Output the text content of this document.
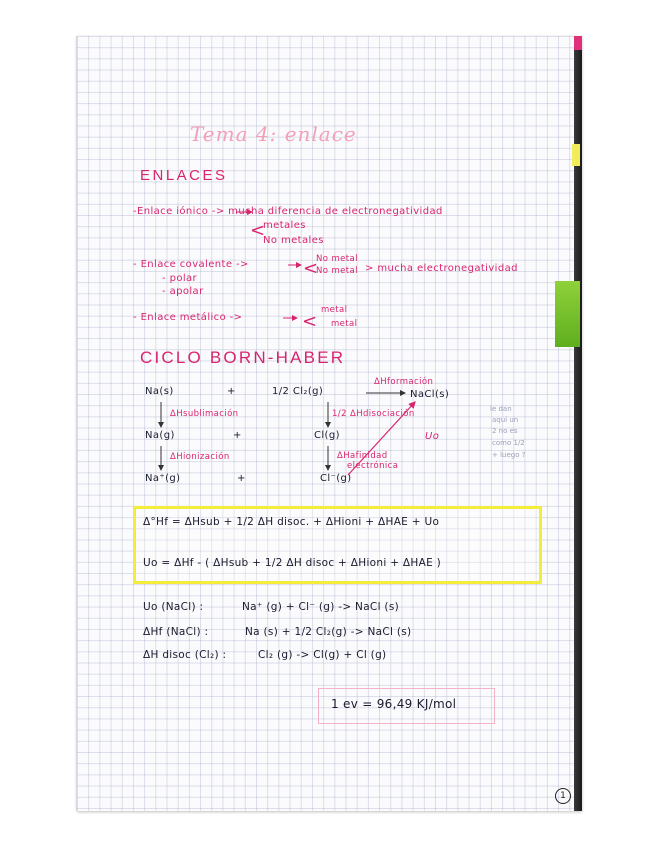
Tema 4: enlace
ENLACES
-Enlace iónico -> mucha diferencia de electronegatividad
metales
No metales
<
- Enlace covalente ->	<
No metal
No metal > mucha electronegatividad
- polar
- apolar
- Enlace metálico ->	<
metal
metal
CICLO BORN-HABER
Na(s)	+	1/2 Cl₂(g)
ΔHformación
NaCl(s)
ΔHsublimación	1/2 ΔHdisociación
Na(g)	+	Cl(g)	Uo
ΔHionización	ΔHafinidad
electrónica
Na⁺(g)	+	Cl⁻(g)
le dan
aquí un
2 no es
como 1/2
+ luego ?
Δ°Hf = ΔHsub + 1/2 ΔH disoc. + ΔHioni + ΔHAE + Uo
Uo = ΔHf - ( ΔHsub + 1/2 ΔH disoc + ΔHioni + ΔHAE )
Uo (NaCl) :	Na⁺ (g) + Cl⁻ (g) -> NaCl (s)
ΔHf (NaCl) :	Na (s) + 1/2 Cl₂(g) -> NaCl (s)
ΔH disoc (Cl₂) :	Cl₂ (g) -> Cl(g) + Cl (g)
1 ev = 96,49 KJ/mol
1
